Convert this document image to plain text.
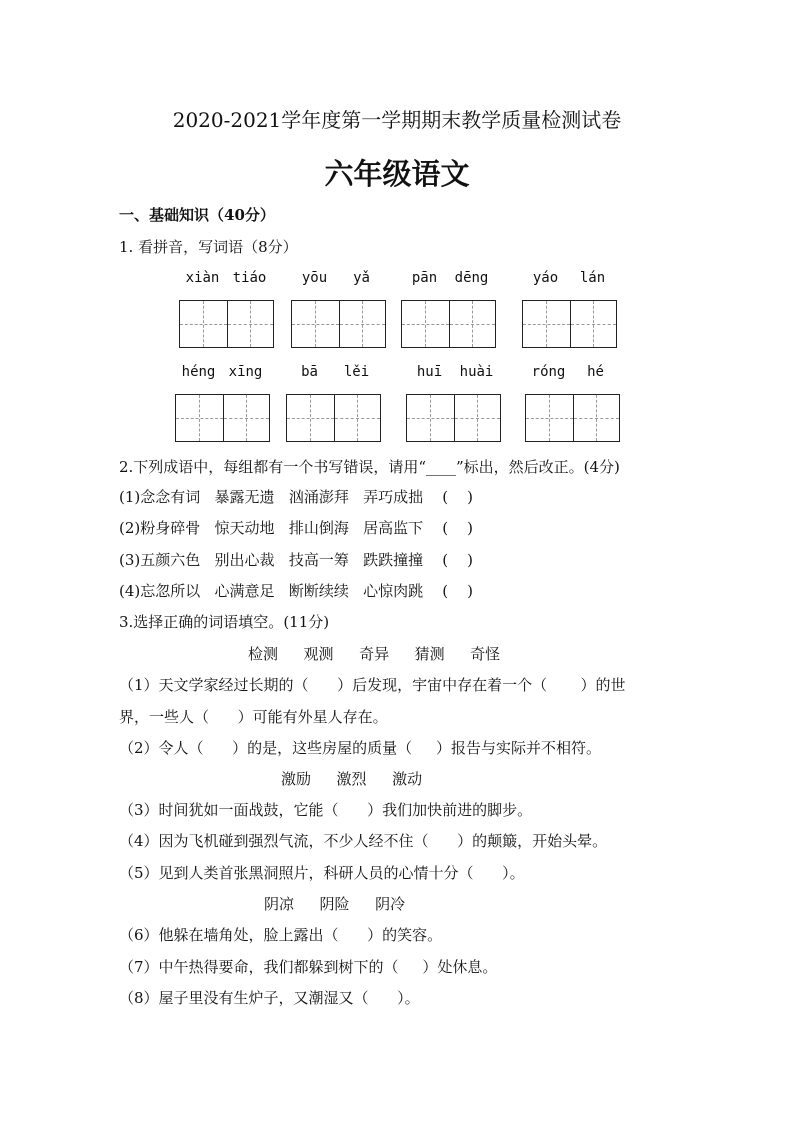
2020-2021学年度第一学期期末教学质量检测试卷
六年级语文
一、基础知识（40分）
1. 看拼音，写词语（8分）
xiàn tiáo	yōu	yǎ	pān	dēng	yáo	lán
héng xīng	bā	lěi	huī	huài	róng	hé
2.下列成语中，每组都有一个书写错误，请用“____”标出，然后改正。(4分)
(1)念念有词   暴露无遗   汹涌澎拜   弄巧成拙    (    )
(2)粉身碎骨   惊天动地   排山倒海   居高监下    (    )
(3)五颜六色   别出心裁   技高一筹   跌跌撞撞    (    )
(4)忘忽所以   心满意足   断断续续   心惊肉跳    (    )
3.选择正确的词语填空。(11分)
检测  观测  奇异  猜测  奇怪
（1）天文学家经过长期的（      ）后发现，宇宙中存在着一个（       ）的世
界，一些人（      ）可能有外星人存在。
（2）令人（      ）的是，这些房屋的质量（     ）报告与实际并不相符。
激励  激烈  激动
（3）时间犹如一面战鼓，它能（      ）我们加快前进的脚步。
（4）因为飞机碰到强烈气流，不少人经不住（      ）的颠簸，开始头晕。
（5）见到人类首张黑洞照片，科研人员的心情十分（      ）。
阴凉  阴险  阴冷
（6）他躲在墙角处，脸上露出（      ）的笑容。
（7）中午热得要命，我们都躲到树下的（     ）处休息。
（8）屋子里没有生炉子，又潮湿又（      ）。
